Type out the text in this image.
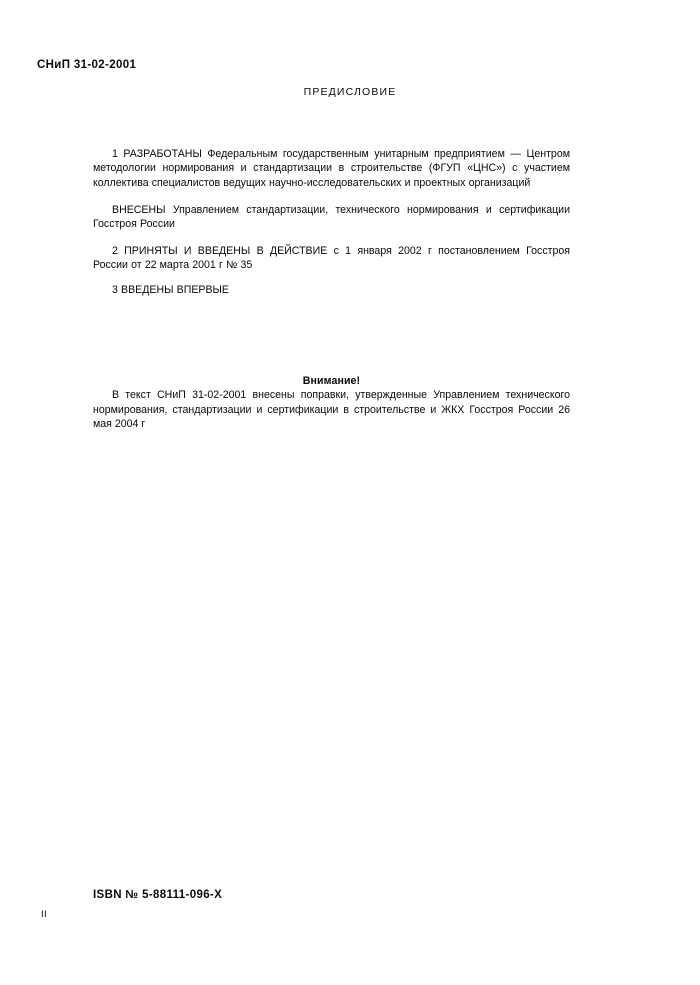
СНиП 31-02-2001
ПРЕДИСЛОВИЕ

1 РАЗРАБОТАНЫ Федеральным государственным унитарным предприятием — Центром методологии нормирования и стандартизации в строительстве (ФГУП «ЦНС») с участием коллектива специалистов ведущих научно-исследовательских и проектных организаций

ВНЕСЕНЫ Управлением стандартизации, технического нормирования и сертификации Госстроя России

2 ПРИНЯТЫ И ВВЕДЕНЫ В ДЕЙСТВИЕ с 1 января 2002 г постановлением Госстроя России от 22 марта 2001 г № 35

3 ВВЕДЕНЫ ВПЕРВЫЕ

Внимание!

В текст СНиП 31-02-2001 внесены поправки, утвержденные Управлением технического нормирования, стандартизации и сертификации в строительстве и ЖКХ Госстроя России 26 мая 2004 г

ISBN № 5-88111-096-X
II
